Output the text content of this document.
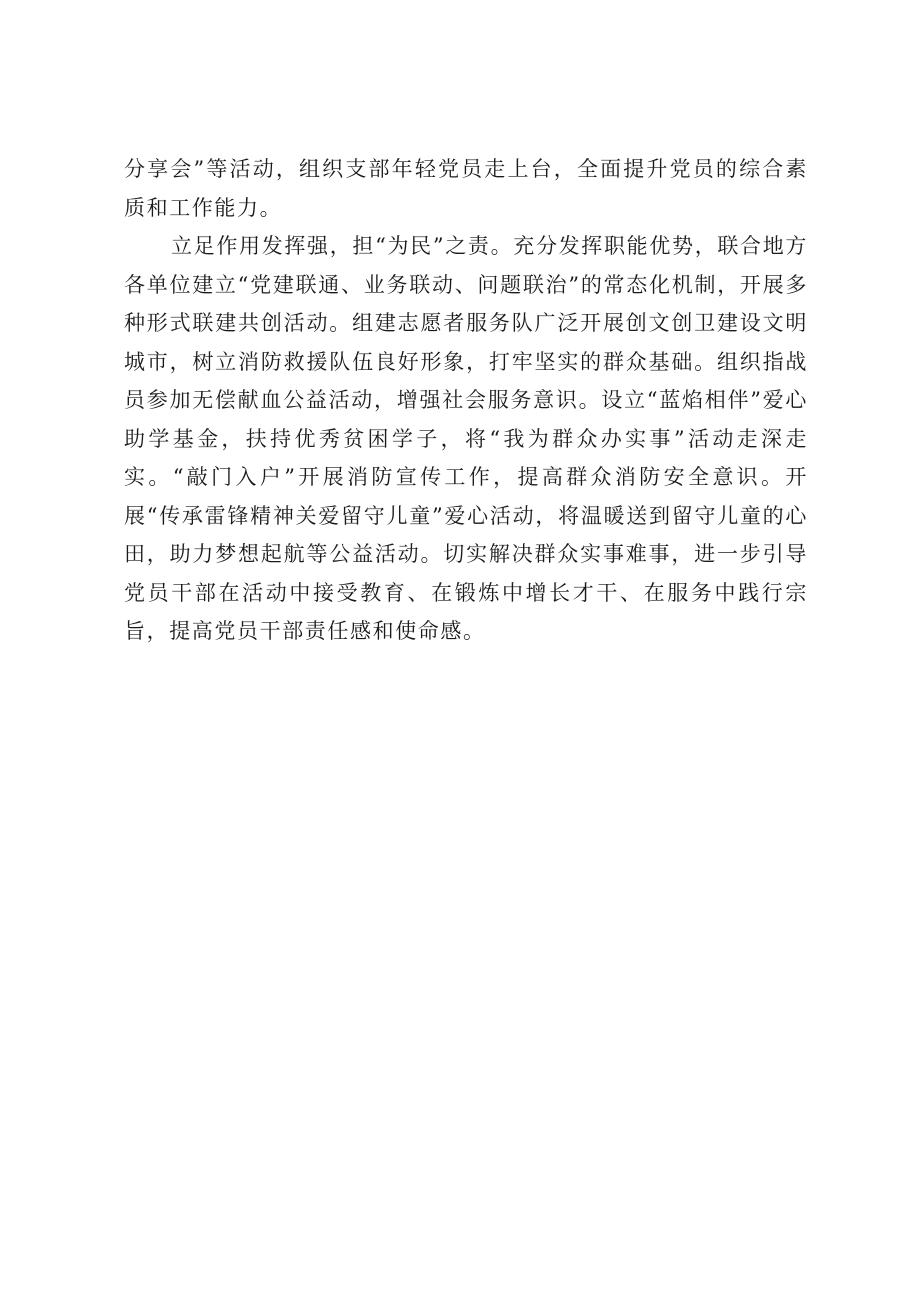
分享会”等活动，组织支部年轻党员走上台，全面提升党员的综合素质和工作能力。

立足作用发挥强，担“为民”之责。充分发挥职能优势，联合地方各单位建立“党建联通、业务联动、问题联治”的常态化机制，开展多种形式联建共创活动。组建志愿者服务队广泛开展创文创卫建设文明城市，树立消防救援队伍良好形象，打牢坚实的群众基础。组织指战员参加无偿献血公益活动，增强社会服务意识。设立“蓝焰相伴”爱心助学基金，扶持优秀贫困学子，将“我为群众办实事”活动走深走实。“敲门入户”开展消防宣传工作，提高群众消防安全意识。开展“传承雷锋精神关爱留守儿童”爱心活动，将温暖送到留守儿童的心田，助力梦想起航等公益活动。切实解决群众实事难事，进一步引导党员干部在活动中接受教育、在锻炼中增长才干、在服务中践行宗旨，提高党员干部责任感和使命感。
